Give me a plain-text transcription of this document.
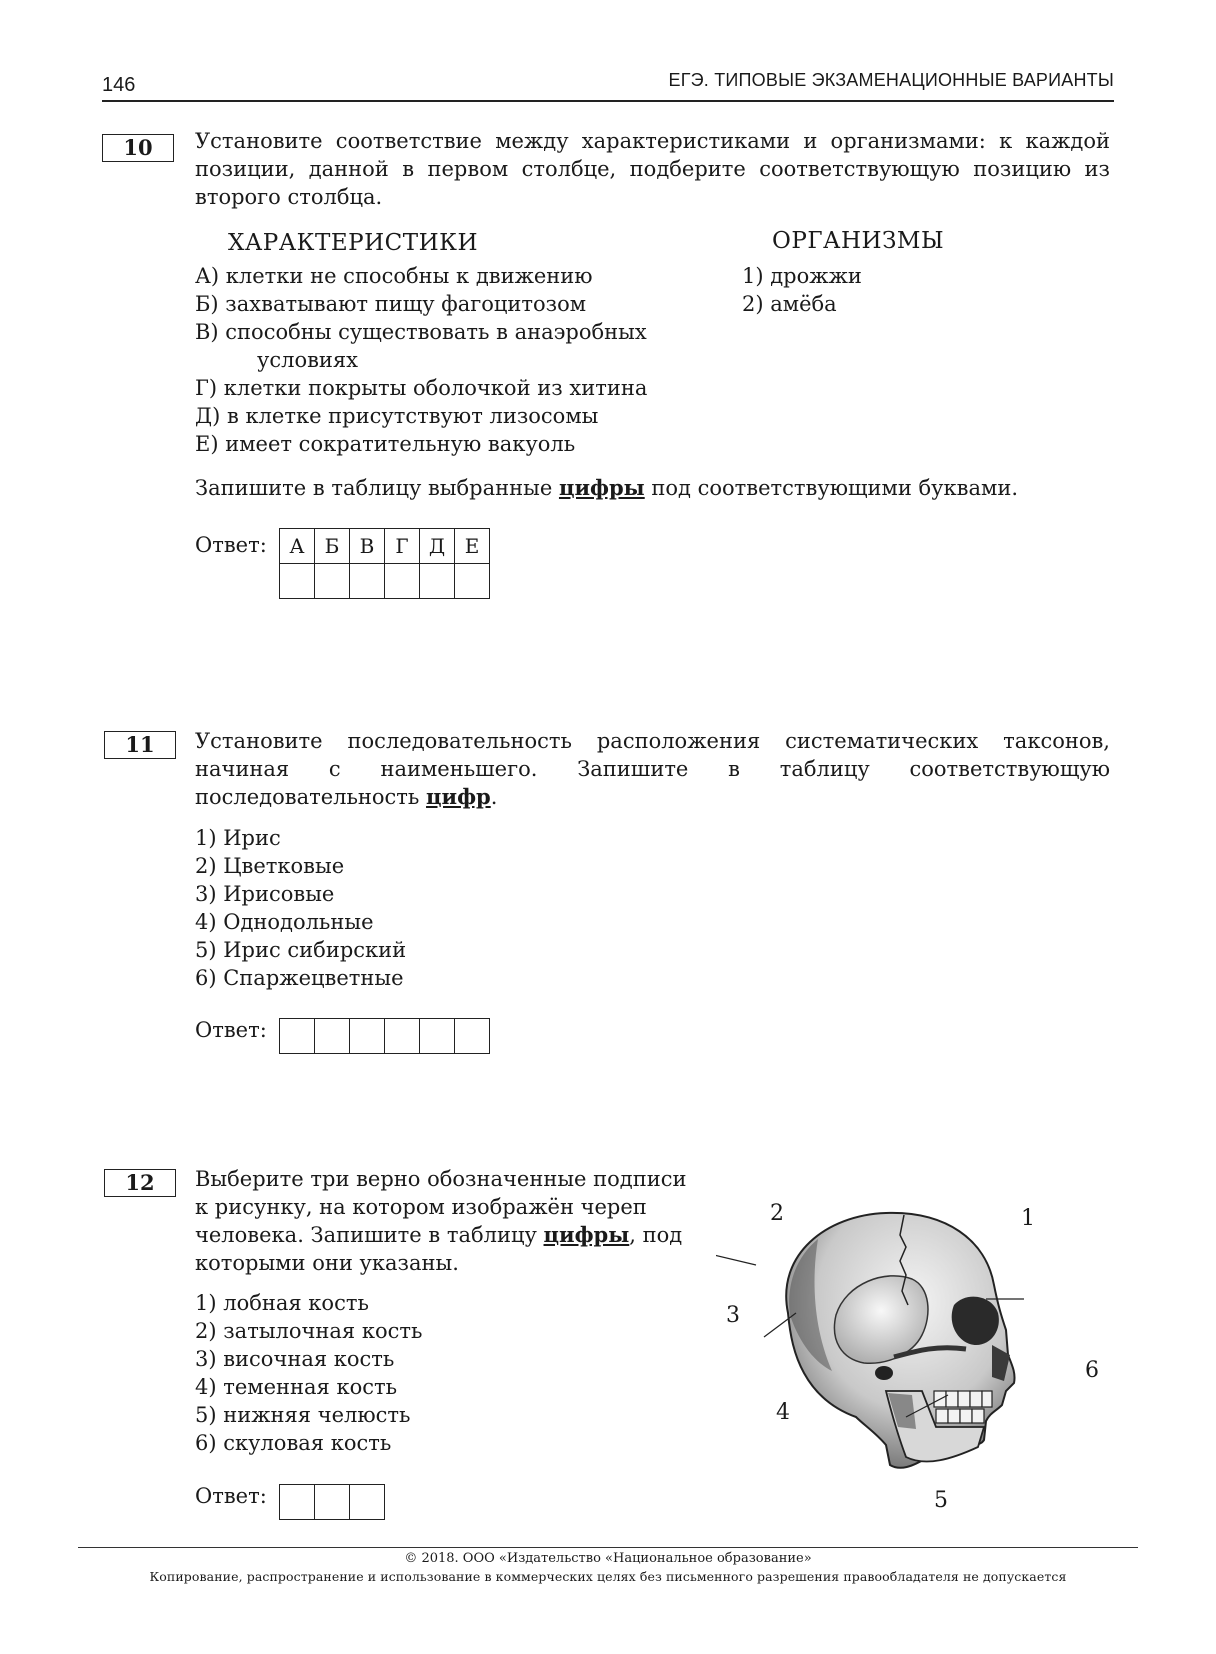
146	ЕГЭ. ТИПОВЫЕ ЭКЗАМЕНАЦИОННЫЕ ВАРИАНТЫ
10	Установите соответствие между характеристиками и организмами: к каждой позиции, данной в первом столбце, подберите соответствующую позицию из второго столбца.
ХАРАКТЕРИСТИКИ	ОРГАНИЗМЫ
А) клетки не способны к движению
Б) захватывают пищу фагоцитозом
В) способны существовать в анаэробных
условиях
Г) клетки покрыты оболочкой из хитина
Д) в клетке присутствуют лизосомы
Е) имеет сократительную вакуоль
1) дрожжи
2) амёба
Запишите в таблицу выбранные цифры под соответствующими буквами.
Ответ: А	Б	В	Г	Д	Е

11	Установите последовательность расположения систематических таксонов, начиная с наименьшего. Запишите в таблицу соответствующую последовательность цифр.
1) Ирис
2) Цветковые
3) Ирисовые
4) Однодольные
5) Ирис сибирский
6) Спаржецветные
Ответ:

12	Выберите три верно обозначенные подписи
к рисунку, на котором изображён череп
человека. Запишите в таблицу цифры, под
которыми они указаны.
1) лобная кость
2) затылочная кость
3) височная кость
4) теменная кость
5) нижняя челюсть
6) скуловая кость
Ответ:

1
2
3
4
5
6
© 2018. ООО «Издательство «Национальное образование»
Копирование, распространение и использование в коммерческих целях без письменного разрешения правообладателя не допускается
